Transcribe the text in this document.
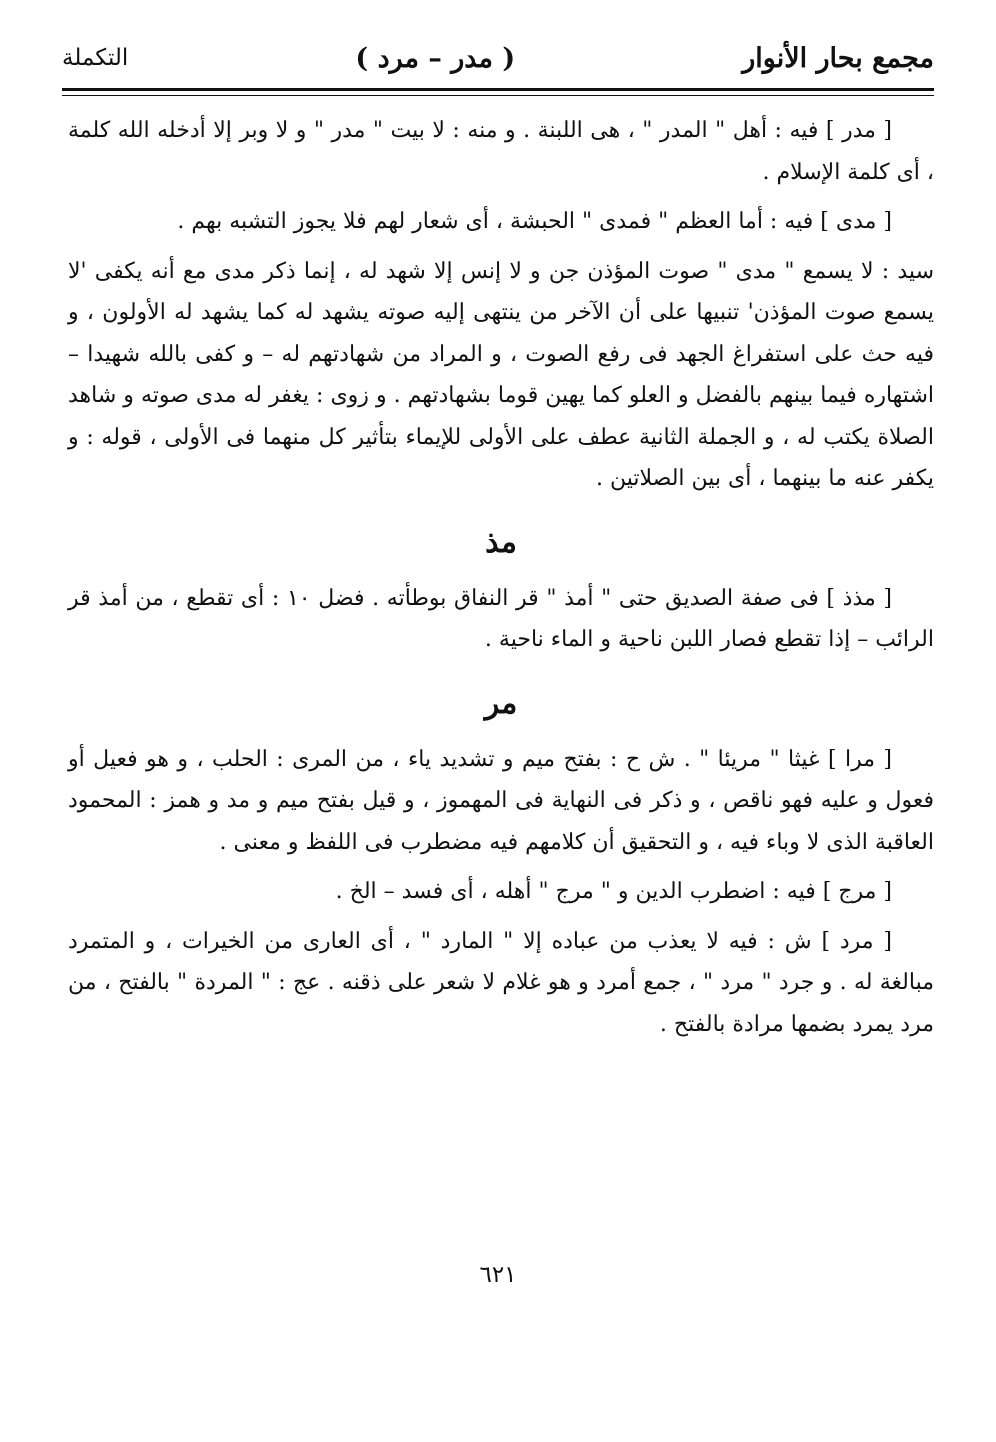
مجمع بحار الأنوار
( مدر – مرد )
التكملة

[ مدر ] فيه : أهل " المدر " ، هى اللبنة . و منه : لا بيت " مدر " و لا وبر إلا أدخله الله كلمة ، أى كلمة الإسلام .

[ مدى ] فيه : أما العظم " فمدى " الحبشة ، أى شعار لهم فلا يجوز التشبه بهم .

سيد : لا يسمع " مدى " صوت المؤذن جن و لا إنس إلا شهد له ، إنما ذكر مدى مع أنه يكفى 'لا يسمع صوت المؤذن' تنبيها على أن الآخر من ينتهى إليه صوته يشهد له كما يشهد له الأولون ، و فيه حث على استفراغ الجهد فى رفع الصوت ، و المراد من شهادتهم له – و كفى بالله شهيدا – اشتهاره فيما بينهم بالفضل و العلو كما يهين قوما بشهادتهم . و زوى : يغفر له مدى صوته و شاهد الصلاة يكتب له ، و الجملة الثانية عطف على الأولى للإيماء بتأثير كل منهما فى الأولى ، قوله : و يكفر عنه ما بينهما ، أى بين الصلاتين .

مذ

[ مذذ ] فى صفة الصديق حتى " أمذ " قر النفاق بوطأته . فضل ١٠ : أى تقطع ، من أمذ قر الرائب – إذا تقطع فصار اللبن ناحية و الماء ناحية .

مر

[ مرا ] غيثا " مريئا " . ش ح : بفتح ميم و تشديد ياء ، من المرى : الحلب ، و هو فعيل أو فعول و عليه فهو ناقص ، و ذكر فى النهاية فى المهموز ، و قيل بفتح ميم و مد و همز : المحمود العاقبة الذى لا وباء فيه ، و التحقيق أن كلامهم فيه مضطرب فى اللفظ و معنى .

[ مرج ] فيه : اضطرب الدين و " مرج " أهله ، أى فسد – الخ .

[ مرد ] ش : فيه لا يعذب من عباده إلا " المارد " ، أى العارى من الخيرات ، و المتمرد مبالغة له . و جرد " مرد " ، جمع أمرد و هو غلام لا شعر على ذقنه . عج : " المردة " بالفتح ، من مرد يمرد بضمها مرادة بالفتح .

٦٢١
